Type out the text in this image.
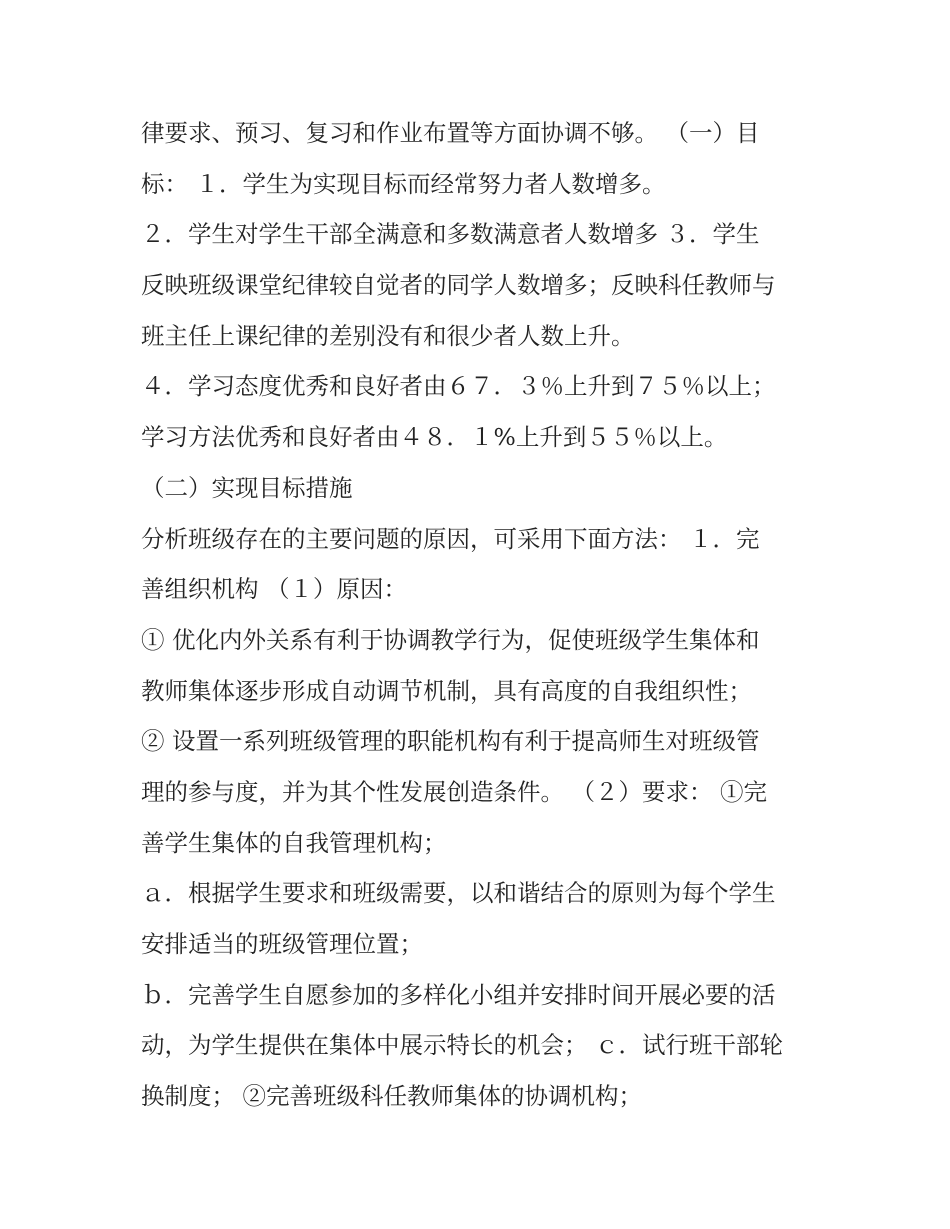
律要求、预习、复习和作业布置等方面协调不够。 （一）目
标： １．学生为实现目标而经常努力者人数增多。
２．学生对学生干部全满意和多数满意者人数增多 ３．学生
反映班级课堂纪律较自觉者的同学人数增多；反映科任教师与
班主任上课纪律的差别没有和很少者人数上升。
４．学习态度优秀和良好者由６７．３％上升到７５％以上；
学习方法优秀和良好者由４８．１%上升到５５％以上。
（二）实现目标措施
分析班级存在的主要问题的原因，可采用下面方法： １．完
善组织机构 （１）原因：
① 优化内外关系有利于协调教学行为，促使班级学生集体和
教师集体逐步形成自动调节机制，具有高度的自我组织性；
② 设置一系列班级管理的职能机构有利于提高师生对班级管
理的参与度，并为其个性发展创造条件。 （２）要求： ①完
善学生集体的自我管理机构；
ａ．根据学生要求和班级需要，以和谐结合的原则为每个学生
安排适当的班级管理位置；
ｂ．完善学生自愿参加的多样化小组并安排时间开展必要的活
动，为学生提供在集体中展示特长的机会； ｃ．试行班干部轮
换制度； ②完善班级科任教师集体的协调机构；
